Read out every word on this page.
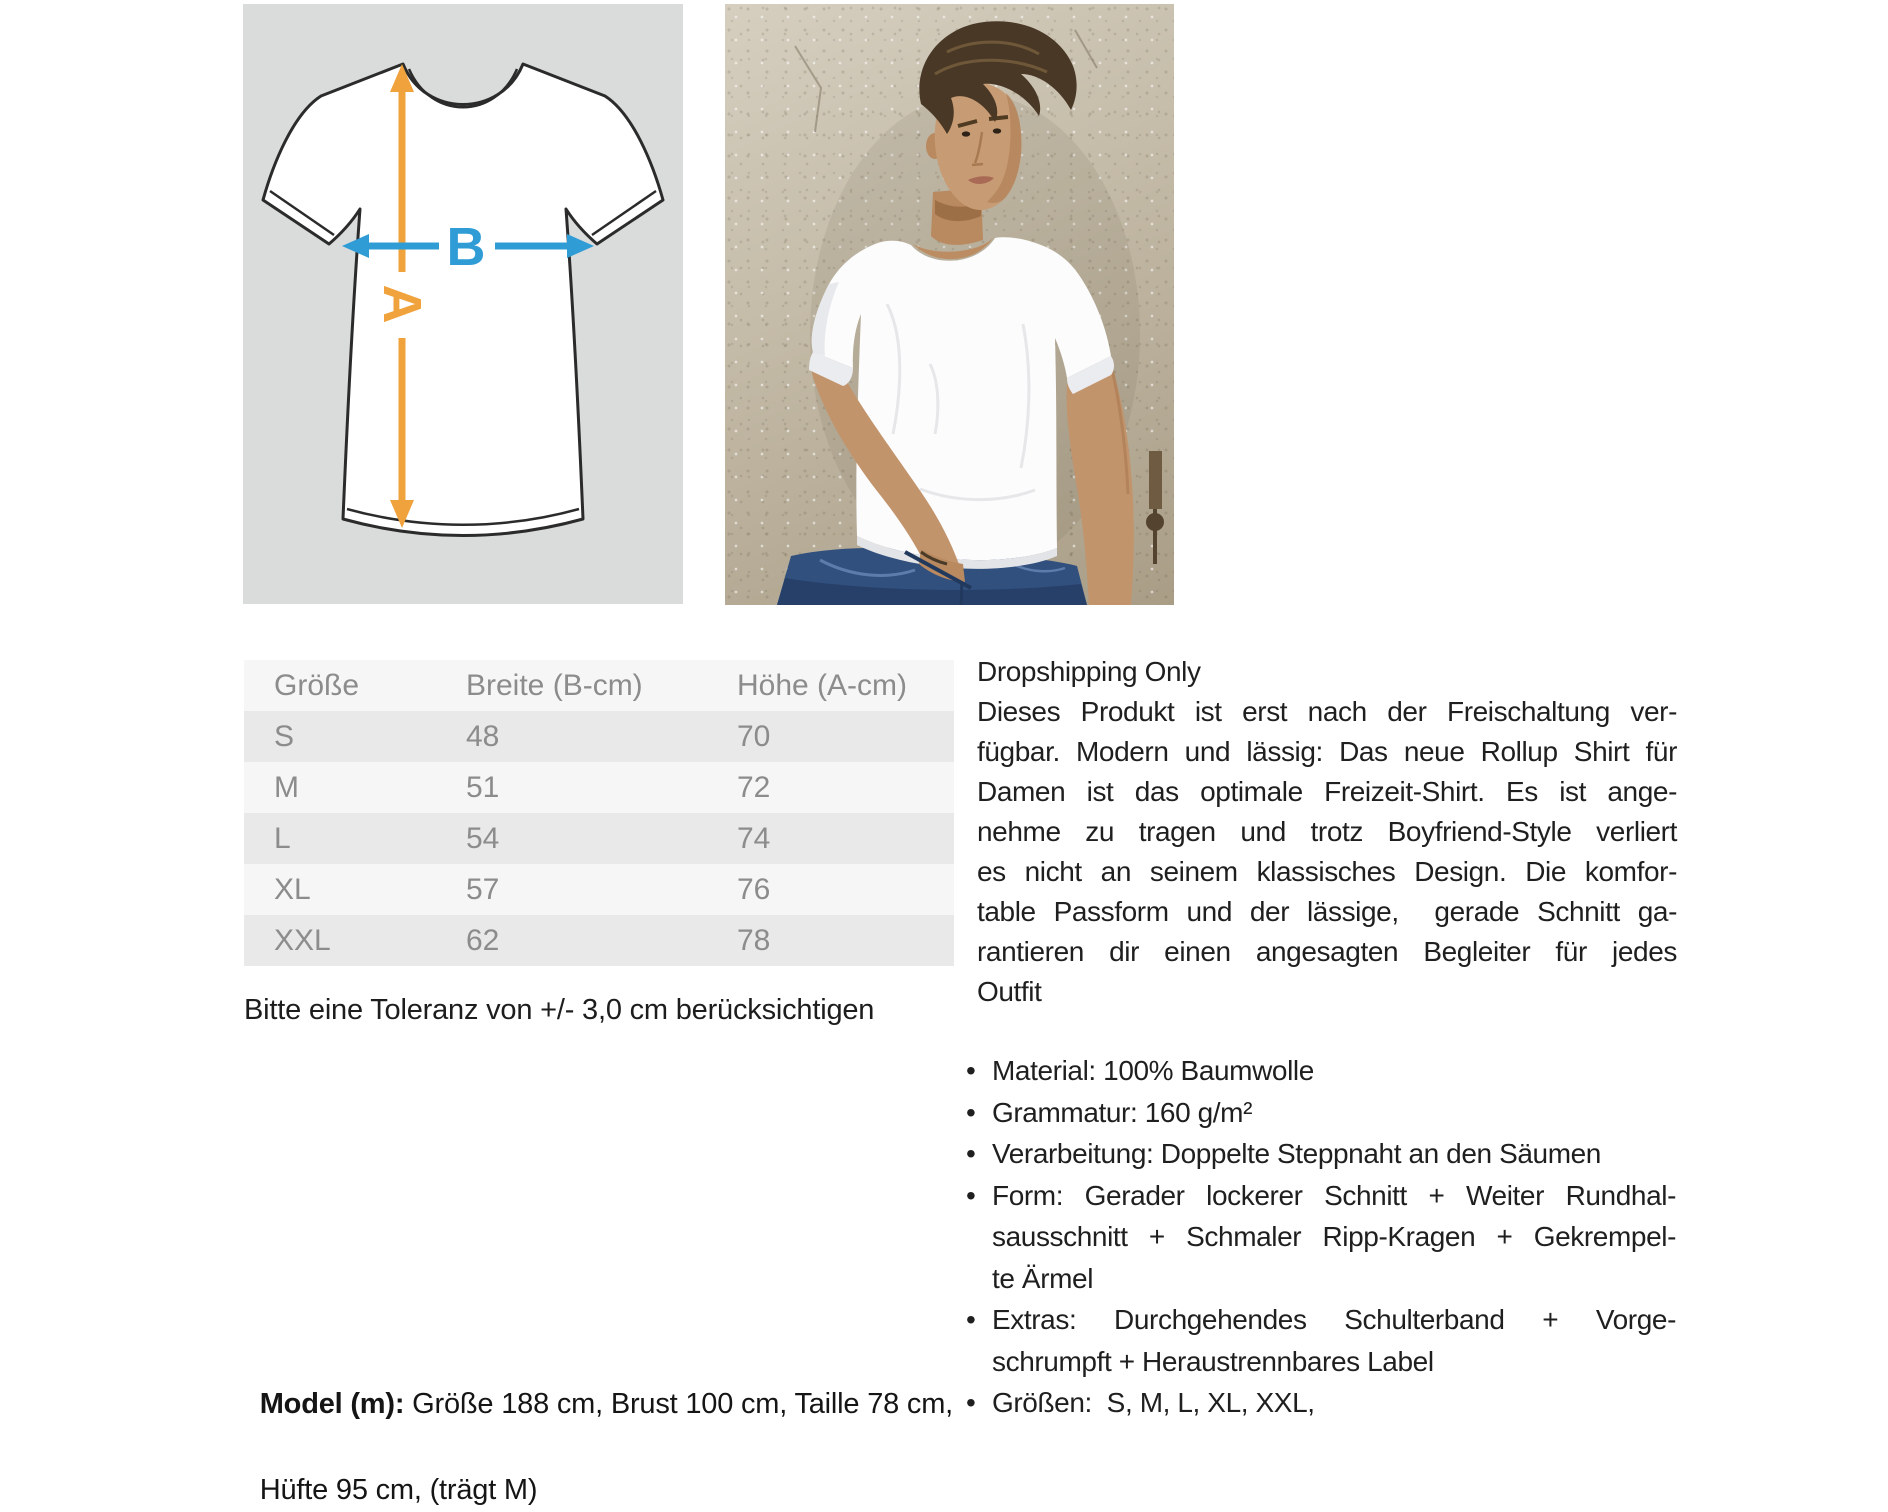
A
B
Größe	Breite (B-cm)	Höhe (A-cm)
S	48	70
M	51	72
L	54	74
XL	57	76
XXL	62	78
Bitte eine Toleranz von +/- 3,0 cm berücksichtigen

Model (m): Größe 188 cm, Brust 100 cm, Taille 78 cm,

Hüfte 95 cm, (trägt M)

Dropshipping Only
Dieses Produkt ist erst nach der Freischaltung ver-
fügbar. Modern und lässig: Das neue Rollup Shirt für
Damen ist das optimale Freizeit-Shirt. Es ist ange-
nehme zu tragen und trotz Boyfriend-Style verliert
es nicht an seinem klassisches Design. Die komfor-
table Passform und der lässige,  gerade Schnitt ga-
rantieren dir einen angesagten Begleiter für jedes
Outfit
• Material: 100% Baumwolle
• Grammatur: 160 g/m²
• Verarbeitung: Doppelte Steppnaht an den Säumen
• Form: Gerader lockerer Schnitt + Weiter Rundhal-
sausschnitt + Schmaler Ripp-Kragen + Gekrempel-
te Ärmel
• Extras: Durchgehendes Schulterband + Vorge-
schrumpft + Heraustrennbares Label
• Größen:  S, M, L, XL, XXL,
